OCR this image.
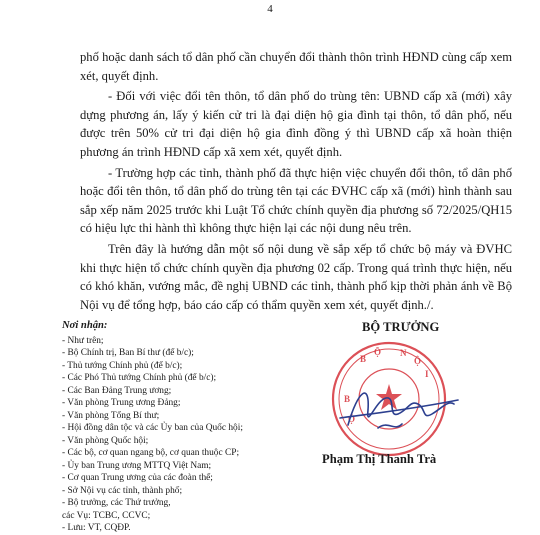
4

phố hoặc danh sách tổ dân phố cần chuyển đổi thành thôn trình HĐND cùng cấp xem xét, quyết định.

- Đối với việc đổi tên thôn, tổ dân phố do trùng tên: UBND cấp xã (mới) xây dựng phương án, lấy ý kiến cử tri là đại diện hộ gia đình tại thôn, tổ dân phố, nếu được trên 50% cử tri đại diện hộ gia đình đồng ý thì UBND cấp xã hoàn thiện phương án trình HĐND cấp xã xem xét, quyết định.

- Trường hợp các tỉnh, thành phố đã thực hiện việc chuyển đổi thôn, tổ dân phố hoặc đổi tên thôn, tổ dân phố do trùng tên tại các ĐVHC cấp xã (mới) hình thành sau sắp xếp năm 2025 trước khi Luật Tổ chức chính quyền địa phương số 72/2025/QH15 có hiệu lực thi hành thì không thực hiện lại các nội dung nêu trên.

Trên đây là hướng dẫn một số nội dung về sắp xếp tổ chức bộ máy và ĐVHC khi thực hiện tổ chức chính quyền địa phương 02 cấp. Trong quá trình thực hiện, nếu có khó khăn, vướng mắc, đề nghị UBND các tỉnh, thành phố kịp thời phản ánh về Bộ Nội vụ để tổng hợp, báo cáo cấp có thẩm quyền xem xét, quyết định./.

Nơi nhận:
- Như trên;
- Bộ Chính trị, Ban Bí thư (để b/c);
- Thủ tướng Chính phủ (để b/c);
- Các Phó Thủ tướng Chính phủ (để b/c);
- Các Ban Đảng Trung ương;
- Văn phòng Trung ương Đảng;
- Văn phòng Tổng Bí thư;
- Hội đồng dân tộc và các Ủy ban của Quốc hội;
- Văn phòng Quốc hội;
- Các bộ, cơ quan ngang bộ, cơ quan thuộc CP;
- Ủy ban Trung ương MTTQ Việt Nam;
- Cơ quan Trung ương của các đoàn thể;
- Sở Nội vụ các tỉnh, thành phố;
- Bộ trưởng, các Thứ trưởng,
các Vụ: TCBC, CCVC;
- Lưu: VT, CQĐP.
BỘ TRƯỞNG
B
Ộ N
Ộ
I
B
Ộ
Phạm Thị Thanh Trà
